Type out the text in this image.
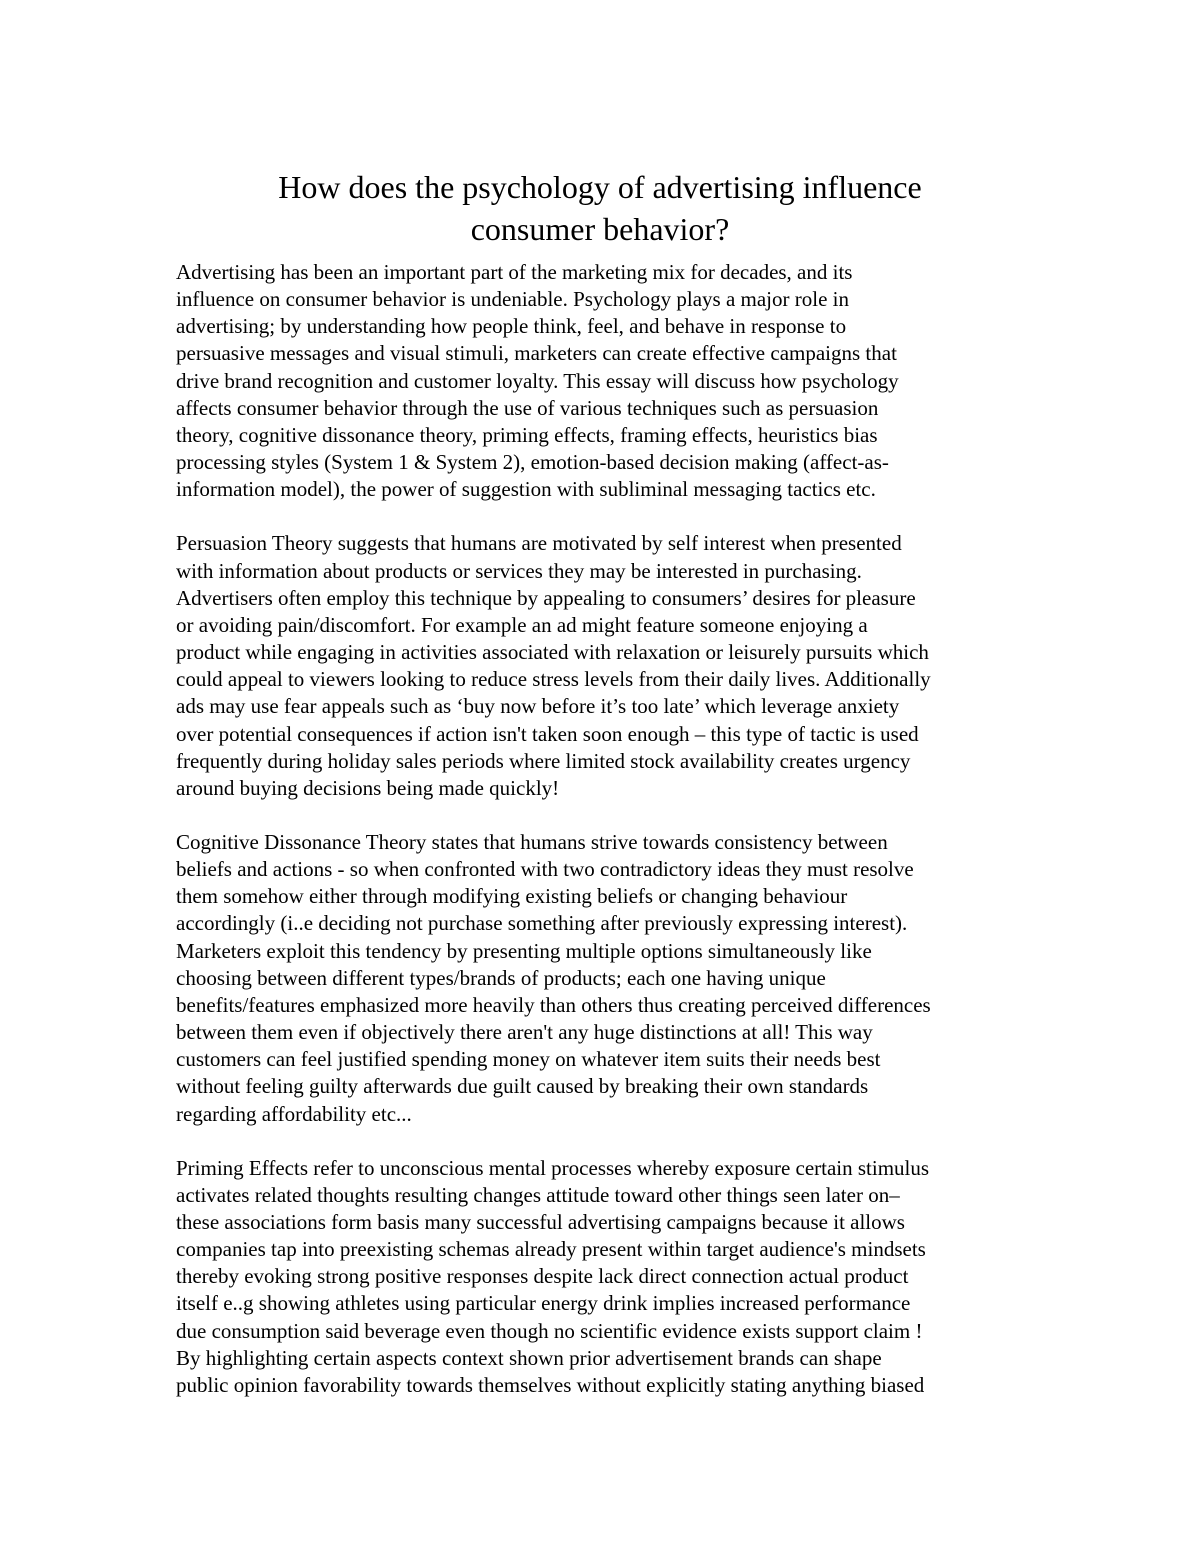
How does the psychology of advertising influence
consumer behavior?

Advertising has been an important part of the marketing mix for decades, and its
influence on consumer behavior is undeniable. Psychology plays a major role in
advertising; by understanding how people think, feel, and behave in response to
persuasive messages and visual stimuli, marketers can create effective campaigns that
drive brand recognition and customer loyalty. This essay will discuss how psychology
affects consumer behavior through the use of various techniques such as persuasion
theory, cognitive dissonance theory, priming effects, framing effects, heuristics bias
processing styles (System 1 & System 2), emotion-based decision making (affect-as-
information model), the power of suggestion with subliminal messaging tactics etc.

Persuasion Theory suggests that humans are motivated by self interest when presented
with information about products or services they may be interested in purchasing.
Advertisers often employ this technique by appealing to consumers’ desires for pleasure
or avoiding pain/discomfort. For example an ad might feature someone enjoying a
product while engaging in activities associated with relaxation or leisurely pursuits which
could appeal to viewers looking to reduce stress levels from their daily lives. Additionally
ads may use fear appeals such as ‘buy now before it’s too late’ which leverage anxiety
over potential consequences if action isn't taken soon enough – this type of tactic is used
frequently during holiday sales periods where limited stock availability creates urgency
around buying decisions being made quickly!

Cognitive Dissonance Theory states that humans strive towards consistency between
beliefs and actions - so when confronted with two contradictory ideas they must resolve
them somehow either through modifying existing beliefs or changing behaviour
accordingly (i..e deciding not purchase something after previously expressing interest).
Marketers exploit this tendency by presenting multiple options simultaneously like
choosing between different types/brands of products; each one having unique
benefits/features emphasized more heavily than others thus creating perceived differences
between them even if objectively there aren't any huge distinctions at all! This way
customers can feel justified spending money on whatever item suits their needs best
without feeling guilty afterwards due guilt caused by breaking their own standards
regarding affordability etc...

Priming Effects refer to unconscious mental processes whereby exposure certain stimulus
activates related thoughts resulting changes attitude toward other things seen later on–
these associations form basis many successful advertising campaigns because it allows
companies tap into preexisting schemas already present within target audience's mindsets
thereby evoking strong positive responses despite lack direct connection actual product
itself e..g showing athletes using particular energy drink implies increased performance
due consumption said beverage even though no scientific evidence exists support claim !
By highlighting certain aspects context shown prior advertisement brands can shape
public opinion favorability towards themselves without explicitly stating anything biased
